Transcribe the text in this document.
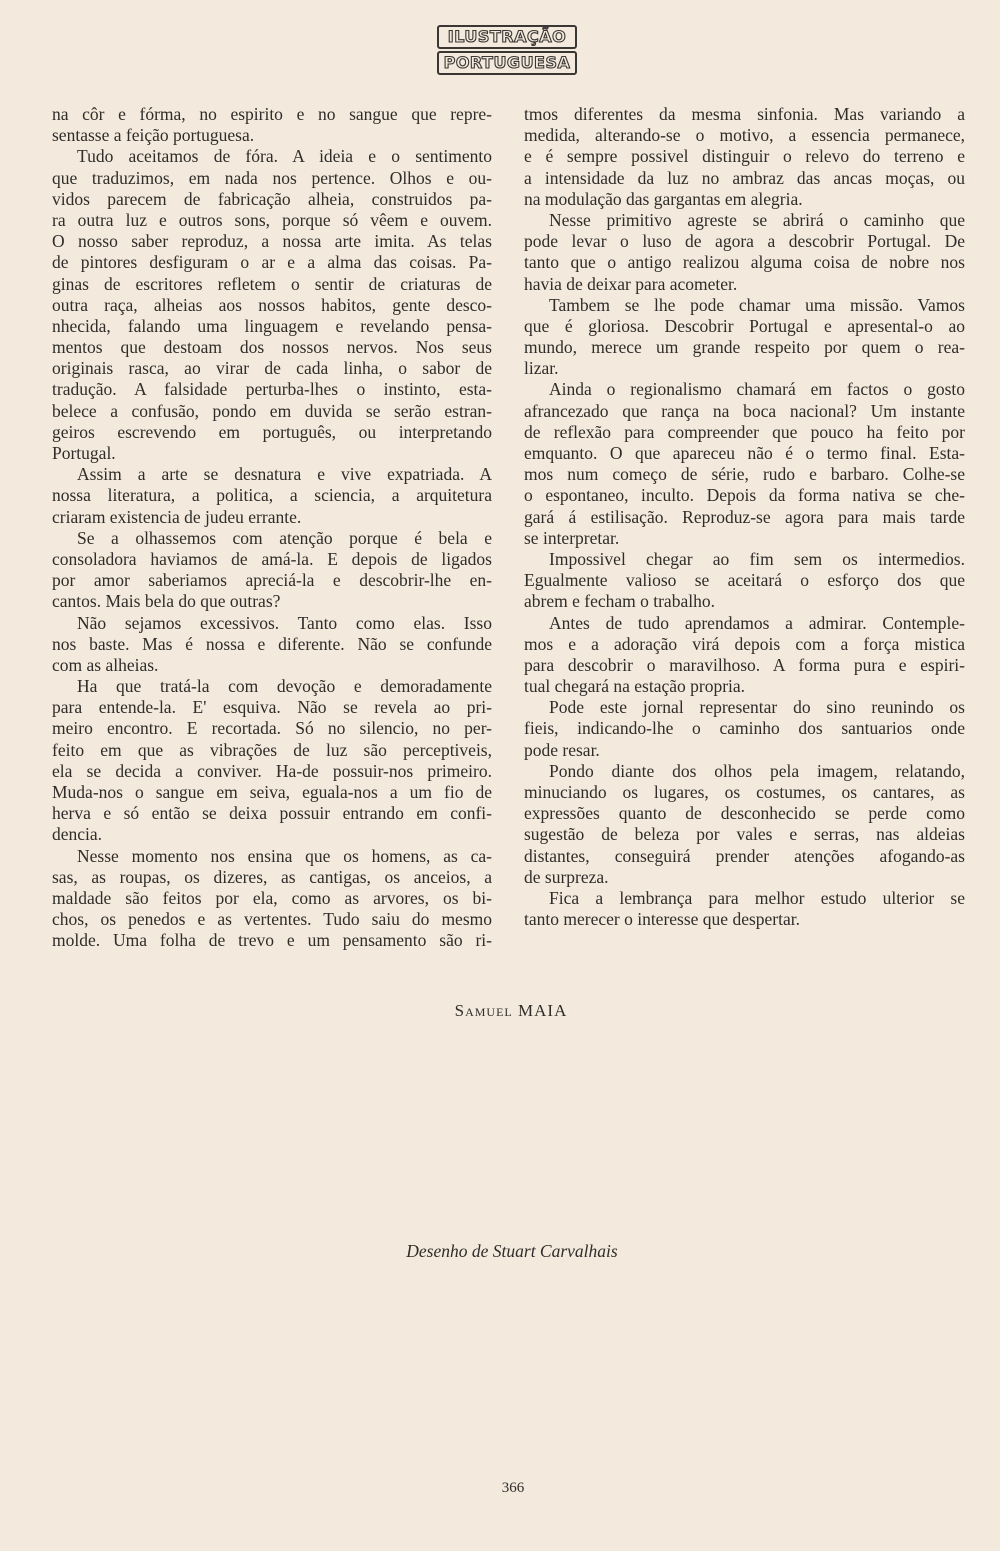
ILUSTRAÇÃO
PORTUGUESA
na côr e fórma, no espirito e no sangue que repre-
sentasse a feição portuguesa.
Tudo aceitamos de fóra. A ideia e o sentimento
que traduzimos, em nada nos pertence. Olhos e ou-
vidos parecem de fabricação alheia, construidos pa-
ra outra luz e outros sons, porque só vêem e ouvem.
O nosso saber reproduz, a nossa arte imita. As telas
de pintores desfiguram o ar e a alma das coisas. Pa-
ginas de escritores refletem o sentir de criaturas de
outra raça, alheias aos nossos habitos, gente desco-
nhecida, falando uma linguagem e revelando pensa-
mentos que destoam dos nossos nervos. Nos seus
originais rasca, ao virar de cada linha, o sabor de
tradução. A falsidade perturba-lhes o instinto, esta-
belece a confusão, pondo em duvida se serão estran-
geiros escrevendo em português, ou interpretando
Portugal.
Assim a arte se desnatura e vive expatriada. A
nossa literatura, a politica, a sciencia, a arquitetura
criaram existencia de judeu errante.
Se a olhassemos com atenção porque é bela e
consoladora haviamos de amá-la. E depois de ligados
por amor saberiamos apreciá-la e descobrir-lhe en-
cantos. Mais bela do que outras?
Não sejamos excessivos. Tanto como elas. Isso
nos baste. Mas é nossa e diferente. Não se confunde
com as alheias.
Ha que tratá-la com devoção e demoradamente
para entende-la. E' esquiva. Não se revela ao pri-
meiro encontro. E recortada. Só no silencio, no per-
feito em que as vibrações de luz são perceptiveis,
ela se decida a conviver. Ha-de possuir-nos primeiro.
Muda-nos o sangue em seiva, eguala-nos a um fio de
herva e só então se deixa possuir entrando em confi-
dencia.
Nesse momento nos ensina que os homens, as ca-
sas, as roupas, os dizeres, as cantigas, os anceios, a
maldade são feitos por ela, como as arvores, os bi-
chos, os penedos e as vertentes. Tudo saiu do mesmo
molde. Uma folha de trevo e um pensamento são ri-
tmos diferentes da mesma sinfonia. Mas variando a
medida, alterando-se o motivo, a essencia permanece,
e é sempre possivel distinguir o relevo do terreno e
a intensidade da luz no ambraz das ancas moças, ou
na modulação das gargantas em alegria.
Nesse primitivo agreste se abrirá o caminho que
pode levar o luso de agora a descobrir Portugal. De
tanto que o antigo realizou alguma coisa de nobre nos
havia de deixar para acometer.
Tambem se lhe pode chamar uma missão. Vamos
que é gloriosa. Descobrir Portugal e apresental-o ao
mundo, merece um grande respeito por quem o rea-
lizar.
Ainda o regionalismo chamará em factos o gosto
afrancezado que rança na boca nacional? Um instante
de reflexão para compreender que pouco ha feito por
emquanto. O que apareceu não é o termo final. Esta-
mos num começo de série, rudo e barbaro. Colhe-se
o espontaneo, inculto. Depois da forma nativa se che-
gará á estilisação. Reproduz-se agora para mais tarde
se interpretar.
Impossivel chegar ao fim sem os intermedios.
Egualmente valioso se aceitará o esforço dos que
abrem e fecham o trabalho.
Antes de tudo aprendamos a admirar. Contemple-
mos e a adoração virá depois com a força mistica
para descobrir o maravilhoso. A forma pura e espiri-
tual chegará na estação propria.
Pode este jornal representar do sino reunindo os
fieis, indicando-lhe o caminho dos santuarios onde
pode resar.
Pondo diante dos olhos pela imagem, relatando,
minuciando os lugares, os costumes, os cantares, as
expressões quanto de desconhecido se perde como
sugestão de beleza por vales e serras, nas aldeias
distantes, conseguirá prender atenções afogando-as
de surpreza.
Fica a lembrança para melhor estudo ulterior se
tanto merecer o interesse que despertar.
Samuel MAIA
Desenho de Stuart Carvalhais
366
